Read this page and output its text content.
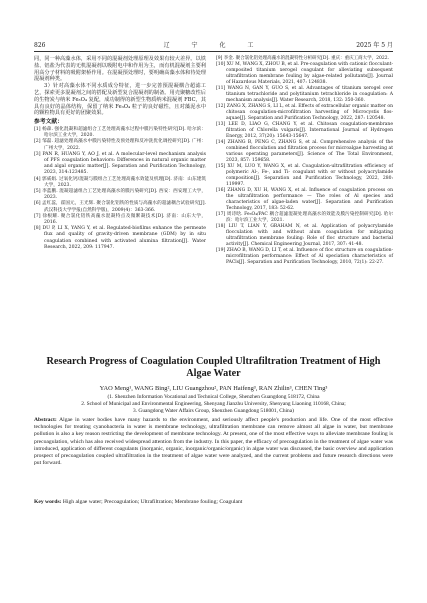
826	辽 宁 化 工	2025 年 5 月

同，同一种高藻水体，采用不同的混凝剂处理原理及效果有较大差异。以铁盐、铝盐为代表的无机混凝剂以吸附电中和作用为主，而有机混凝剂主要利用高分子材料的吸附架桥作用。在混凝预处理时，要明确高藻水体和待处理混凝剂种类。

3）针对高藻水体不同水质成分特征，进一步完善预混凝耦合超滤工艺，探索更多混凝剂之间的搭配及新型复合混凝剂的制备。用壳聚糖改性后的生物炭与纳米 Fe₃O₄ 复配，成功制得的新型生物质纳米混凝剂 FBC，其具有良好的晶体结构，保留了纳米 Fe₃O₄ 粒子的良好磁性，且对藻泥水中的颗粒物具有更好的团聚效果。

参考文献：

[1] 杨森. 强化混凝和超滤组合工艺处理高藻水过程中膜污染特性研究[D]. 哈尔滨：哈尔滨工业大学，2020.

[2] 邹磊. 超滤处理高藻水中膜污染特性及预处理和反冲洗优化调控研究[D]. 广州：广州大学，2022.

[3] PAN R, HUANG Y, AO J, et al. A molecular-level mechanism analysis of PFS coagulation behaviors: Differences in natural organic matter and algal organic matter[J]. Separation and Purification Technology, 2023, 314:123485.

[4] 郭威娟. 过氧化钙/混凝与膜组合工艺处理高藻水效能及机理[D]. 济南：山东建筑大学，2023.

[5] 李蓝鹏. 混凝超滤组合工艺处理高藻水的膜污染研究[D]. 西安：西安理工大学，2023.

[6] 孟红蕊，霍国元，王光辉. 聚合氯化铝铁的性质与高藻水的超滤耦合试验研究[J]. 武汉科技大学学报(自然科学版)，2009(4)：363-366.

[7] 徐根耀. 聚合氯化铝铁高藻水混凝特点及微絮凝技术[D]. 济南：山东大学，2016.

[8] DU P, LI X, YANG Y, et al. Regulated-biofilms enhance the permeate flux and quality of gravity-driven membrane (GDM) by in situ coagulation combined with activated alumina filtration[J]. Water Research, 2022, 209: 117947.

[9] 李金. 聚合氯化铝处理高藻水的混凝特性分析研究[D]. 重庆：重庆工商大学，2022.

[10] XU M, WANG X, ZHOU B, et al. Pre-coagulation with cationic flocculant-composited titanium xerogel coagulant for alleviating subsequent ultrafiltration membrane fouling by algae-related pollutants[J]. Journal of Hazardous Materials, 2021, 407: 124838.

[11] WANG N, GAN Y, GUO S, et al. Advantages of titanium xerogel over titanium tetrachloride and polytitanium tetrachloride in coagulation: A mechanism analysis[J]. Water Research, 2018, 132: 350-360.

[12] ZANG X, ZHANG S, LI L, et al. Effects of extracellular organic matter on chitosan coagulation-microfiltration harvesting of Microcystis flos-aquae[J]. Separation and Purification Technology, 2022, 287: 120548.

[13] LEE D, LIAO G, CHANG Y, et al. Chitosan coagulation-membrane filtration of Chlorella vulgaris[J]. International Journal of Hydrogen Energy, 2012, 37(20): 15643-15647.

[14] ZHANG B, PENG C, ZHANG S, et al. Comprehensive analysis of the combined flocculation and filtration process for microalgae harvesting at various operating parameters[J]. Science of The Total Environment, 2023, 857: 159658.

[15] XU M, LUO Y, WANG X, et al. Coagulation-ultrafiltration efficiency of polymeric Al-, Fe-, and Ti- coagulant with or without polyacrylamide composition[J]. Separation and Purification Technology, 2022, 280: 119997.

[16] ZHANG D, XU H, WANG X, et al. Influence of coagulation process on the ultrafiltration performance — The roles of Al species and characteristics of algae-laden water[J]. Separation and Purification Technology, 2017, 183: 52-62.

[17] 周诗晗. Fe₃O₄/PAC 耦合超滤混凝处理高藻水的效能及膜污染控制研究[D]. 哈尔滨：哈尔滨工业大学，2021.

[18] LIU T, LIAN Y, GRAHAM N, et al. Application of polyacrylamide flocculation with and without alum coagulation for mitigating ultrafiltration membrane fouling: Role of floc structure and bacterial activity[J]. Chemical Engineering Journal, 2017, 307: 41-48.

[19] ZHAO B, WANG D, LI T, et al. Influence of floc structure on coagulation-microfiltration performance: Effect of Al speciation characteristics of PACls[J]. Separation and Purification Technology, 2010, 72(1): 22-27.

Research Progress of Coagulation Coupled Ultrafiltration Treatment of High Algae Water
YAO Meng¹, WANG Bing², LIU Guangzhou², PAN Haifeng³, RAN Zhilin³, CHEN Ting³
(1. Shenzhen Information Vocational and Technical College, Shenzhen Guangdong 518172, China
2. School of Municipal and Environmental Engineering, Shenyang Jianzhu University, Shenyang Liaoning 110168, China;
3. Guangdong Water Affairs Group, Shenzhen Guangdong 518001, China)
Abstract: Algae in water bodies have many hazards to the environment, and seriously affect people's production and life. One of the most effective technologies for treating cyanobacteria in water is membrane technology, ultrafiltration membrane can remove almost all algae in water, but membrane pollution is also a key reason restricting the development of membrane technology. At present, one of the most effective ways to alleviate membrane fouling is precoagulation, which has also received widespread attention from the industry. In this paper, the efficacy of precoagulation in the treatment of algae water was introduced, application of different coagulants (inorganic, organic, inorganic/organic/organic) in algae water was discussed, the basic overview and application prospect of precoagulation coupled ultrafiltration in the treatment of algae water were analyzed, and the current problems and future research directions were put forward.
Key words: High algae water; Precoagulation; Ultrafiltration; Membrane fouling; Coagulant
